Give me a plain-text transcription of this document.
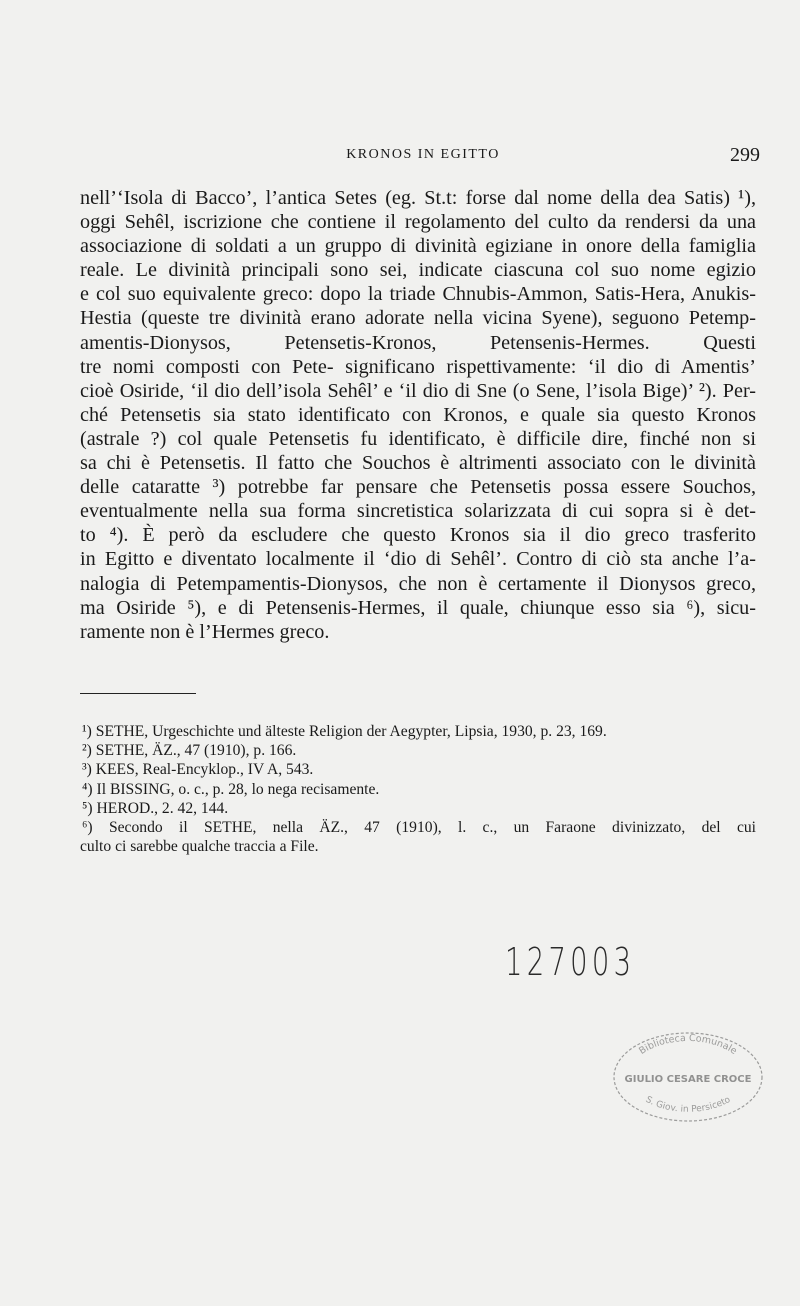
KRONOS IN EGITTO	299
nell’‘Isola di Bacco’, l’antica Setes (eg. St.t: forse dal nome della dea Satis) ¹),
oggi Sehêl, iscrizione che contiene il regolamento del culto da rendersi da una
associazione di soldati a un gruppo di divinità egiziane in onore della famiglia
reale. Le divinità principali sono sei, indicate ciascuna col suo nome egizio
e col suo equivalente greco: dopo la triade Chnubis-Ammon, Satis-Hera, Anukis-
Hestia (queste tre divinità erano adorate nella vicina Syene), seguono Petemp-
amentis-Dionysos, Petensetis-Kronos, Petensenis-Hermes. Questi
tre nomi composti con Pete- significano rispettivamente: ‘il dio di Amentis’
cioè Osiride, ‘il dio dell’isola Sehêl’ e ‘il dio di Sne (o Sene, l’isola Bige)’ ²). Per-
ché Petensetis sia stato identificato con Kronos, e quale sia questo Kronos
(astrale ?) col quale Petensetis fu identificato, è difficile dire, finché non si
sa chi è Petensetis. Il fatto che Souchos è altrimenti associato con le divinità
delle cataratte ³) potrebbe far pensare che Petensetis possa essere Souchos,
eventualmente nella sua forma sincretistica solarizzata di cui sopra si è det-
to ⁴). È però da escludere che questo Kronos sia il dio greco trasferito
in Egitto e diventato localmente il ‘dio di Sehêl’. Contro di ciò sta anche l’a-
nalogia di Petempamentis-Dionysos, che non è certamente il Dionysos greco,
ma Osiride ⁵), e di Petensenis-Hermes, il quale, chiunque esso sia ⁶), sicu-
ramente non è l’Hermes greco.
¹) SETHE, Urgeschichte und älteste Religion der Aegypter, Lipsia, 1930, p. 23, 169.
²) SETHE, ÄZ., 47 (1910), p. 166.
³) KEES, Real-Encyklop., IV A, 543.
⁴) Il BISSING, o. c., p. 28, lo nega recisamente.
⁵) HEROD., 2. 42, 144.
⁶) Secondo il SETHE, nella ÄZ., 47 (1910), l. c., un Faraone divinizzato, del cui
culto ci sarebbe qualche traccia a File.
127003
Biblioteca Comunale
GIULIO CESARE CROCE
S. Giov. in Persiceto
